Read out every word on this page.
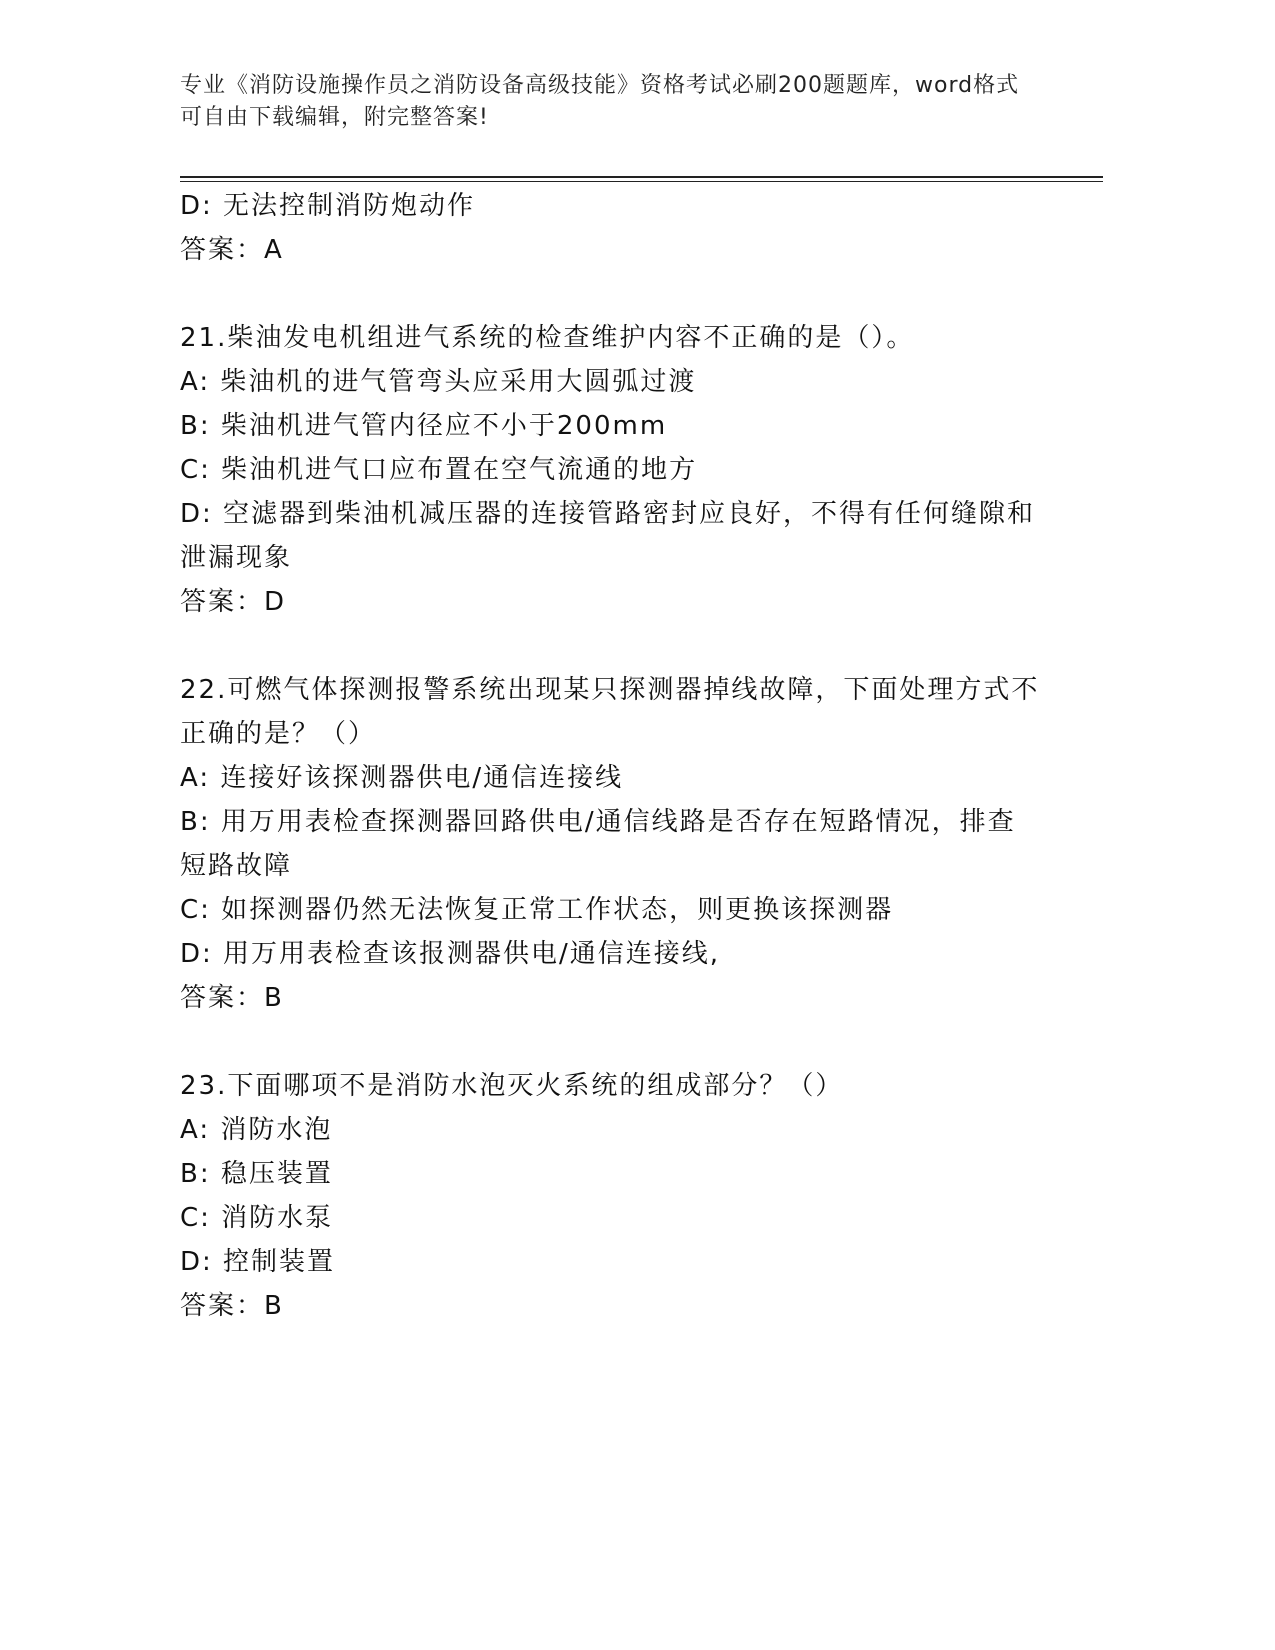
专业《消防设施操作员之消防设备高级技能》资格考试必刷200题题库，word格式可自由下载编辑，附完整答案!

D: 无法控制消防炮动作

答案：A

21.柴油发电机组进气系统的检查维护内容不正确的是（）。

A: 柴油机的进气管弯头应采用大圆弧过渡

B: 柴油机进气管内径应不小于200mm

C: 柴油机进气口应布置在空气流通的地方

D: 空滤器到柴油机减压器的连接管路密封应良好，不得有任何缝隙和泄漏现象

答案：D

22.可燃气体探测报警系统出现某只探测器掉线故障，下面处理方式不正确的是？（）

A: 连接好该探测器供电/通信连接线

B: 用万用表检查探测器回路供电/通信线路是否存在短路情况，排查短路故障

C: 如探测器仍然无法恢复正常工作状态，则更换该探测器

D: 用万用表检查该报测器供电/通信连接线,

答案：B

23.下面哪项不是消防水泡灭火系统的组成部分？（）

A: 消防水泡

B: 稳压装置

C: 消防水泵

D: 控制装置

答案：B
